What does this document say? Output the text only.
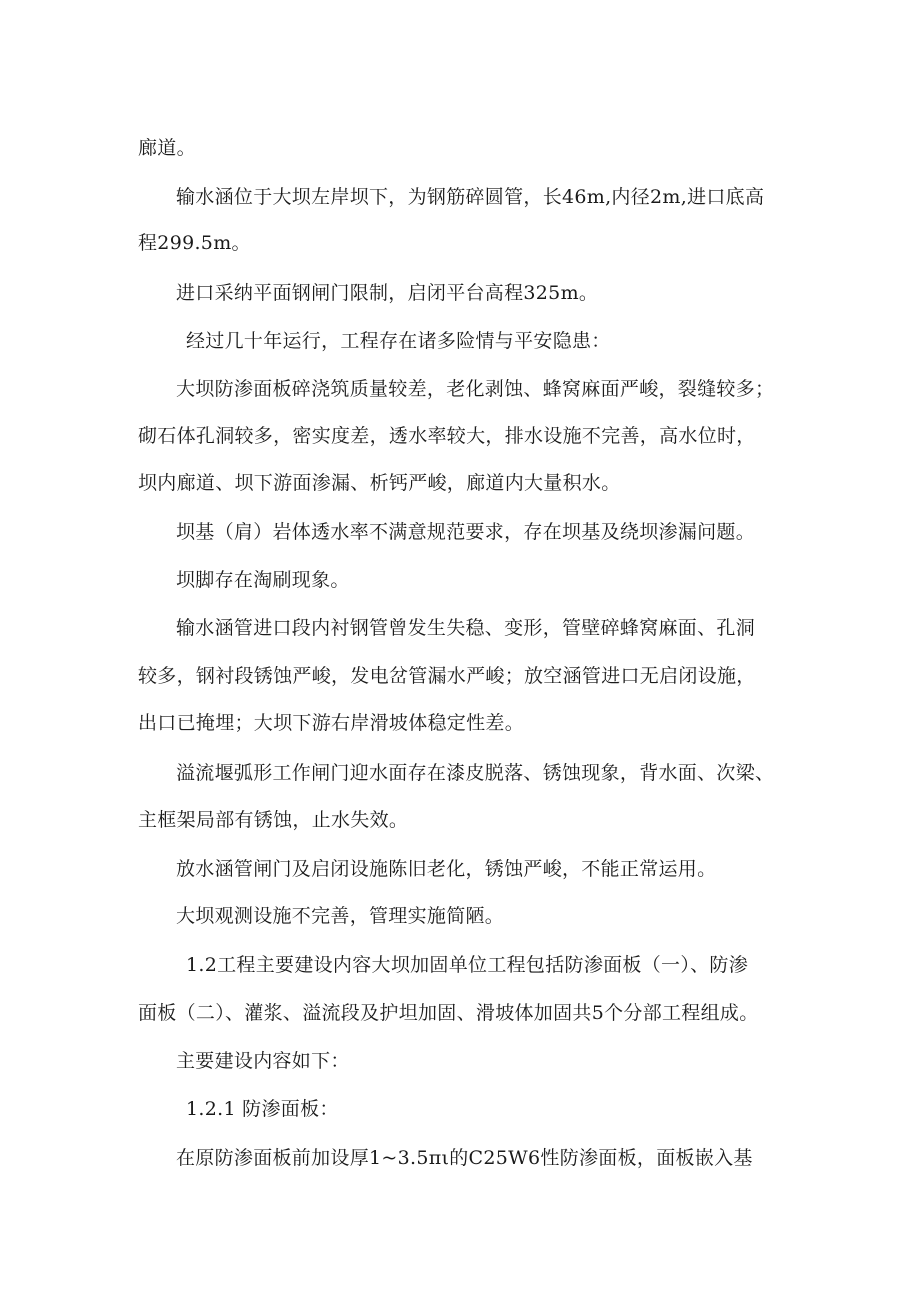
廊道。
输水涵位于大坝左岸坝下，为钢筋碎圆管，长46m,内径2m,进口底高
程299.5m。
进口采纳平面钢闸门限制，启闭平台高程325m。
经过几十年运行，工程存在诸多险情与平安隐患：
大坝防渗面板碎浇筑质量较差，老化剥蚀、蜂窝麻面严峻，裂缝较多；
砌石体孔洞较多，密实度差，透水率较大，排水设施不完善，高水位时，
坝内廊道、坝下游面渗漏、析钙严峻，廊道内大量积水。
坝基（肩）岩体透水率不满意规范要求，存在坝基及绕坝渗漏问题。
坝脚存在淘刷现象。
输水涵管进口段内衬钢管曾发生失稳、变形，管壁碎蜂窝麻面、孔洞
较多，钢衬段锈蚀严峻，发电岔管漏水严峻；放空涵管进口无启闭设施，
出口已掩埋；大坝下游右岸滑坡体稳定性差。
溢流堰弧形工作闸门迎水面存在漆皮脱落、锈蚀现象，背水面、次梁、
主框架局部有锈蚀，止水失效。
放水涵管闸门及启闭设施陈旧老化，锈蚀严峻，不能正常运用。
大坝观测设施不完善，管理实施简陋。
1.2工程主要建设内容大坝加固单位工程包括防渗面板（一）、防渗
面板（二）、灌浆、溢流段及护坦加固、滑坡体加固共5个分部工程组成。
主要建设内容如下：
1.2.1 防渗面板：
在原防渗面板前加设厚1~3.5πι的C25W6性防渗面板，面板嵌入基
